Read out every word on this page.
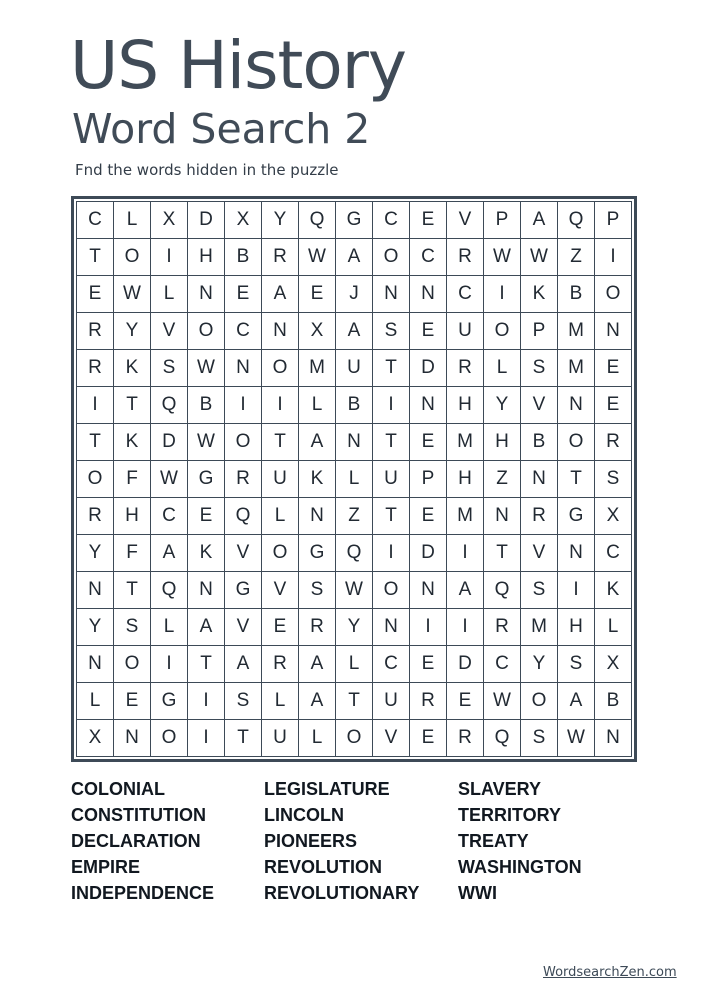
US History
Word Search 2
Fnd the words hidden in the puzzle
C	L	X	D	X	Y	Q	G	C	E	V	P	A	Q	P
T	O	I	H	B	R	W	A	O	C	R	W	W	Z	I
E	W	L	N	E	A	E	J	N	N	C	I	K	B	O
R	Y	V	O	C	N	X	A	S	E	U	O	P	M	N
R	K	S	W	N	O	M	U	T	D	R	L	S	M	E
I	T	Q	B	I	I	L	B	I	N	H	Y	V	N	E
T	K	D	W	O	T	A	N	T	E	M	H	B	O	R
O	F	W	G	R	U	K	L	U	P	H	Z	N	T	S
R	H	C	E	Q	L	N	Z	T	E	M	N	R	G	X
Y	F	A	K	V	O	G	Q	I	D	I	T	V	N	C
N	T	Q	N	G	V	S	W	O	N	A	Q	S	I	K
Y	S	L	A	V	E	R	Y	N	I	I	R	M	H	L
N	O	I	T	A	R	A	L	C	E	D	C	Y	S	X
L	E	G	I	S	L	A	T	U	R	E	W	O	A	B
X	N	O	I	T	U	L	O	V	E	R	Q	S	W	N
COLONIAL
CONSTITUTION
DECLARATION
EMPIRE
INDEPENDENCE
LEGISLATURE
LINCOLN
PIONEERS
REVOLUTION
REVOLUTIONARY
SLAVERY
TERRITORY
TREATY
WASHINGTON
WWI
WordsearchZen.com
